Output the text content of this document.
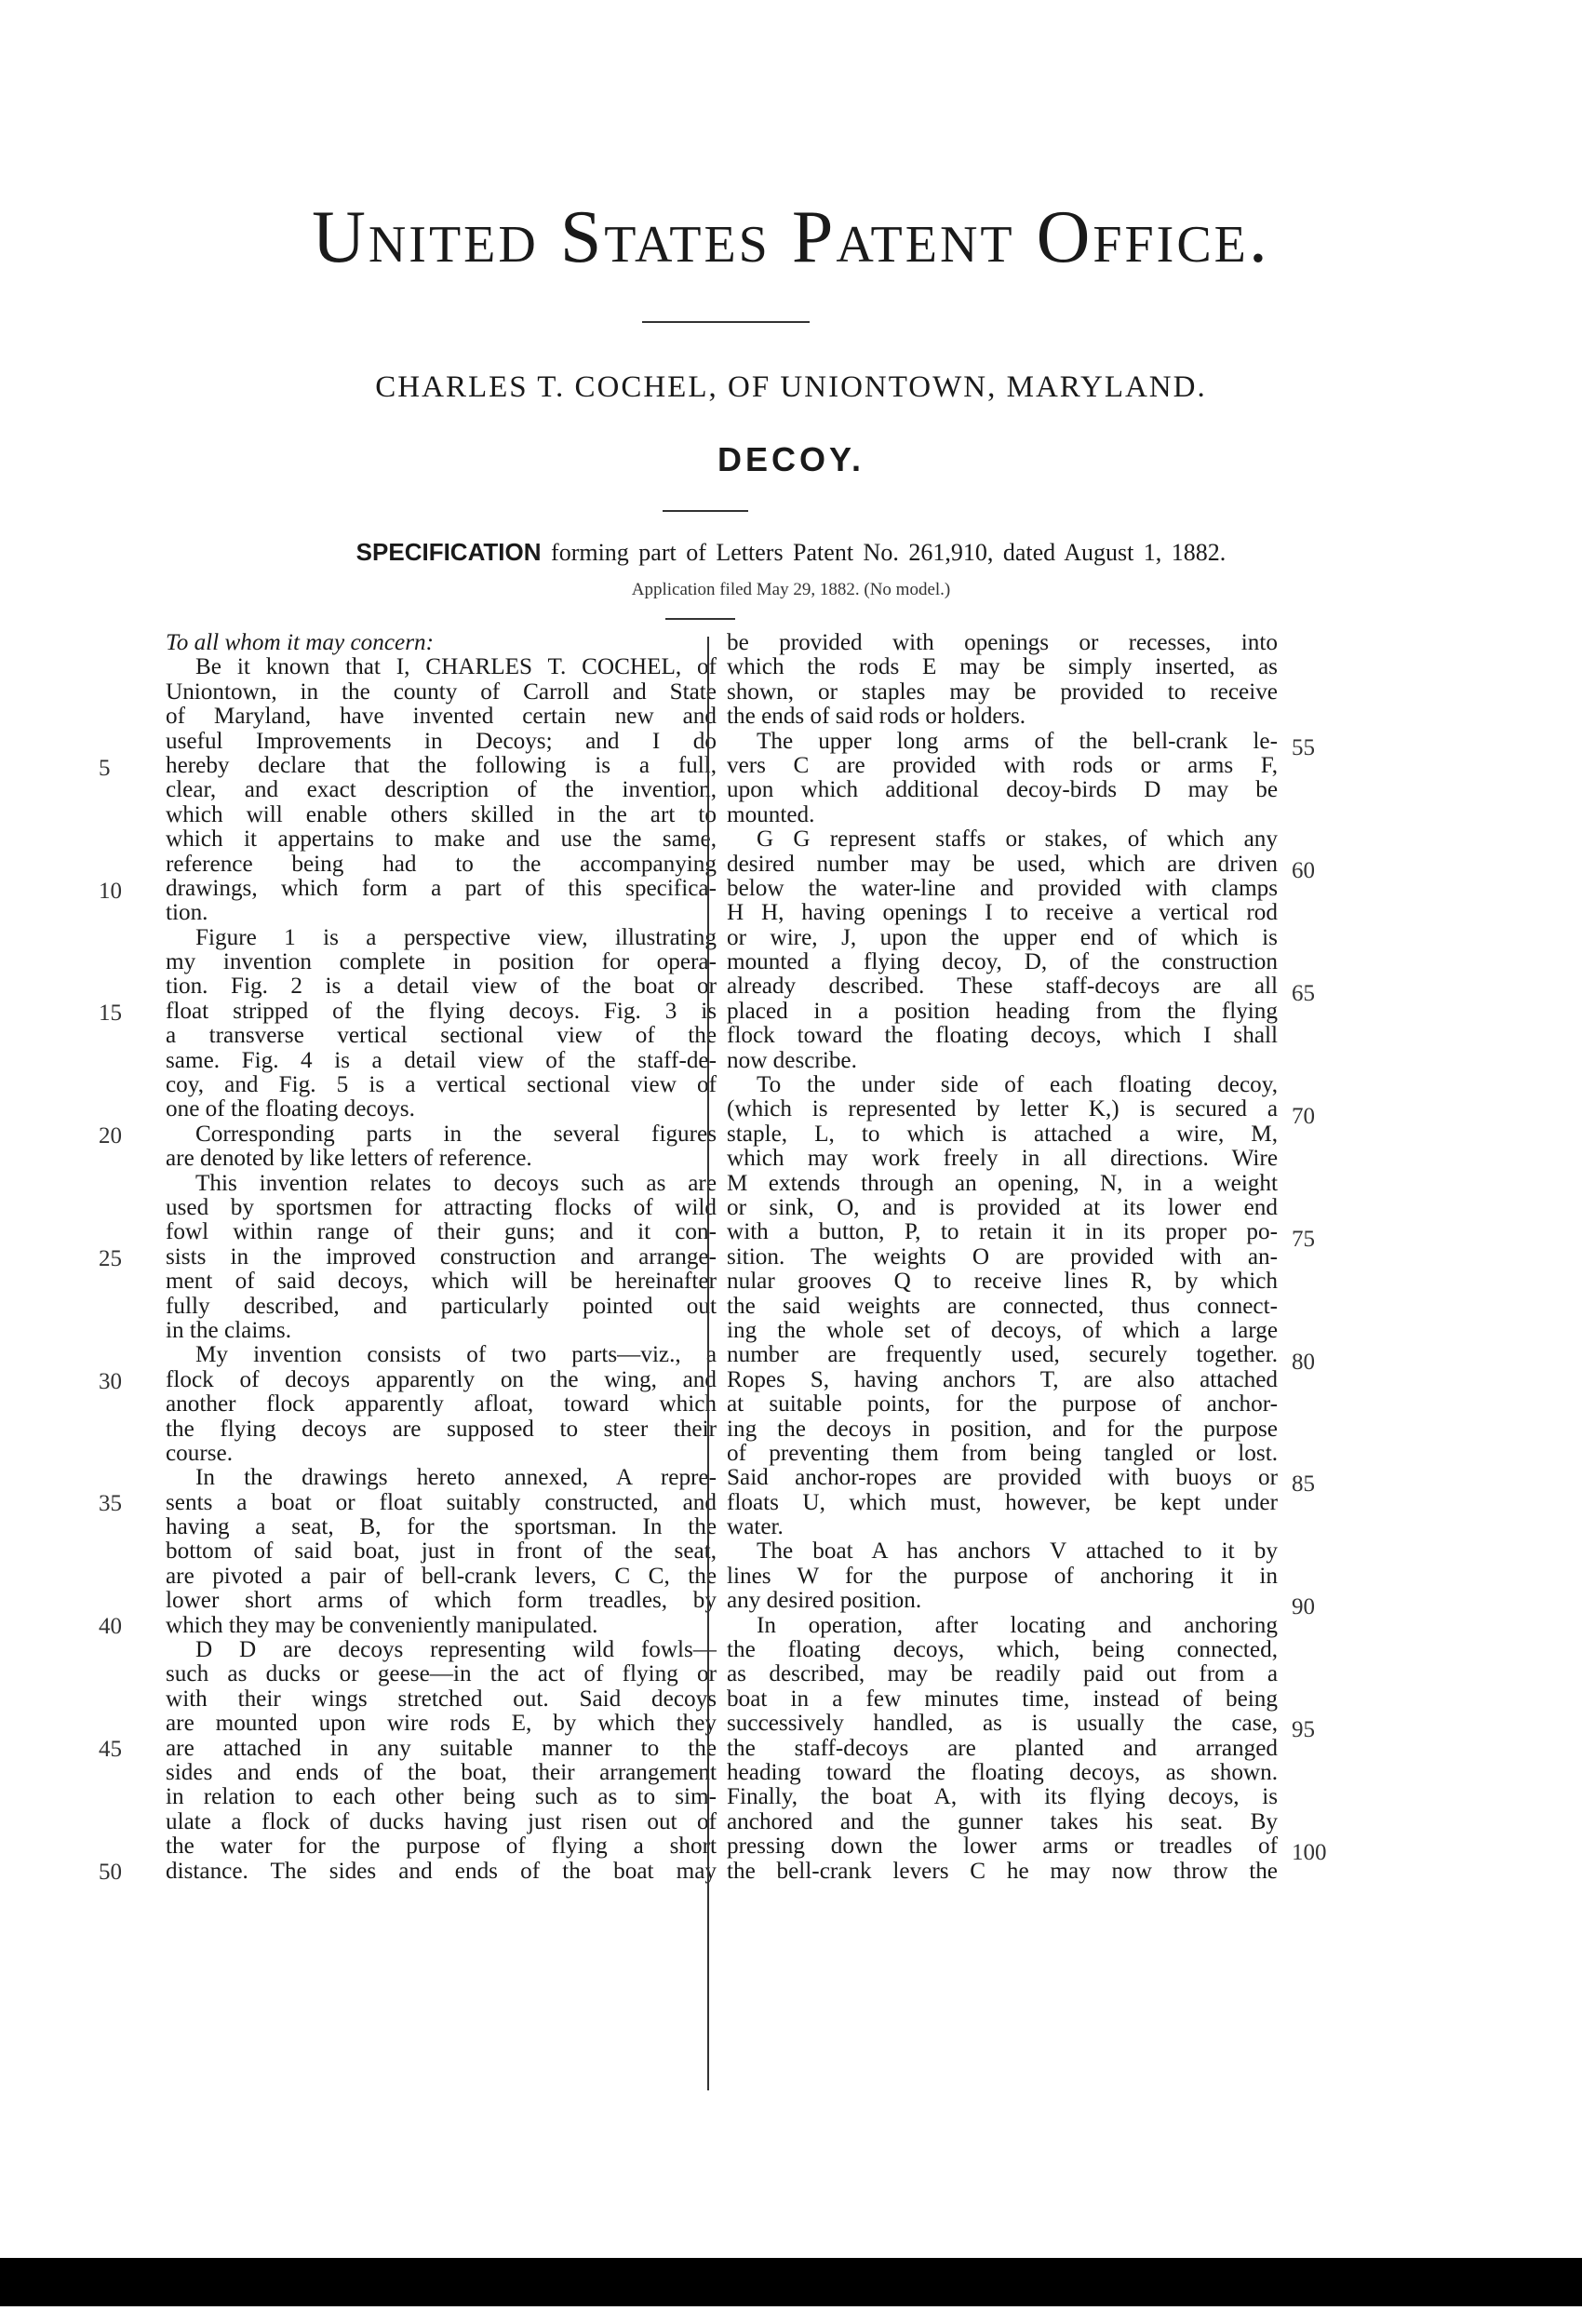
United States Patent Office.
CHARLES T. COCHEL, OF UNIONTOWN, MARYLAND.
DECOY.
SPECIFICATION forming part of Letters Patent No. 261,910, dated August 1, 1882.
Application filed May 29, 1882. (No model.)
To all whom it may concern:
Be it known that I, CHARLES T. COCHEL, of
Uniontown, in the county of Carroll and State
of Maryland, have invented certain new and
useful Improvements in Decoys; and I do
hereby declare that the following is a full,
clear, and exact description of the invention,
which will enable others skilled in the art to
which it appertains to make and use the same,
reference being had to the accompanying
drawings, which form a part of this specifica-
tion.
Figure 1 is a perspective view, illustrating
my invention complete in position for opera-
tion. Fig. 2 is a detail view of the boat or
float stripped of the flying decoys. Fig. 3 is
a transverse vertical sectional view of the
same. Fig. 4 is a detail view of the staff-de-
coy, and Fig. 5 is a vertical sectional view of
one of the floating decoys.
Corresponding parts in the several figures
are denoted by like letters of reference.
This invention relates to decoys such as are
used by sportsmen for attracting flocks of wild
fowl within range of their guns; and it con-
sists in the improved construction and arrange-
ment of said decoys, which will be hereinafter
fully described, and particularly pointed out
in the claims.
My invention consists of two parts—viz., a
flock of decoys apparently on the wing, and
another flock apparently afloat, toward which
the flying decoys are supposed to steer their
course.
In the drawings hereto annexed, A repre-
sents a boat or float suitably constructed, and
having a seat, B, for the sportsman. In the
bottom of said boat, just in front of the seat,
are pivoted a pair of bell-crank levers, C C, the
lower short arms of which form treadles, by
which they may be conveniently manipulated.
D D are decoys representing wild fowls—
such as ducks or geese—in the act of flying or
with their wings stretched out. Said decoys
are mounted upon wire rods E, by which they
are attached in any suitable manner to the
sides and ends of the boat, their arrangement
in relation to each other being such as to sim-
ulate a flock of ducks having just risen out of
the water for the purpose of flying a short
distance. The sides and ends of the boat may
be provided with openings or recesses, into
which the rods E may be simply inserted, as
shown, or staples may be provided to receive
the ends of said rods or holders.
The upper long arms of the bell-crank le-
vers C are provided with rods or arms F,
upon which additional decoy-birds D may be
mounted.
G G represent staffs or stakes, of which any
desired number may be used, which are driven
below the water-line and provided with clamps
H H, having openings I to receive a vertical rod
or wire, J, upon the upper end of which is
mounted a flying decoy, D, of the construction
already described. These staff-decoys are all
placed in a position heading from the flying
flock toward the floating decoys, which I shall
now describe.
To the under side of each floating decoy,
(which is represented by letter K,) is secured a
staple, L, to which is attached a wire, M,
which may work freely in all directions. Wire
M extends through an opening, N, in a weight
or sink, O, and is provided at its lower end
with a button, P, to retain it in its proper po-
sition. The weights O are provided with an-
nular grooves Q to receive lines R, by which
the said weights are connected, thus connect-
ing the whole set of decoys, of which a large
number are frequently used, securely together.
Ropes S, having anchors T, are also attached
at suitable points, for the purpose of anchor-
ing the decoys in position, and for the purpose
of preventing them from being tangled or lost.
Said anchor-ropes are provided with buoys or
floats U, which must, however, be kept under
water.
The boat A has anchors V attached to it by
lines W for the purpose of anchoring it in
any desired position.
In operation, after locating and anchoring
the floating decoys, which, being connected,
as described, may be readily paid out from a
boat in a few minutes time, instead of being
successively handled, as is usually the case,
the staff-decoys are planted and arranged
heading toward the floating decoys, as shown.
Finally, the boat A, with its flying decoys, is
anchored and the gunner takes his seat. By
pressing down the lower arms or treadles of
the bell-crank levers C he may now throw the
5
10
15
20
25
30
35
40
45
50
55
60
65
70
75
80
85
90
95
100
